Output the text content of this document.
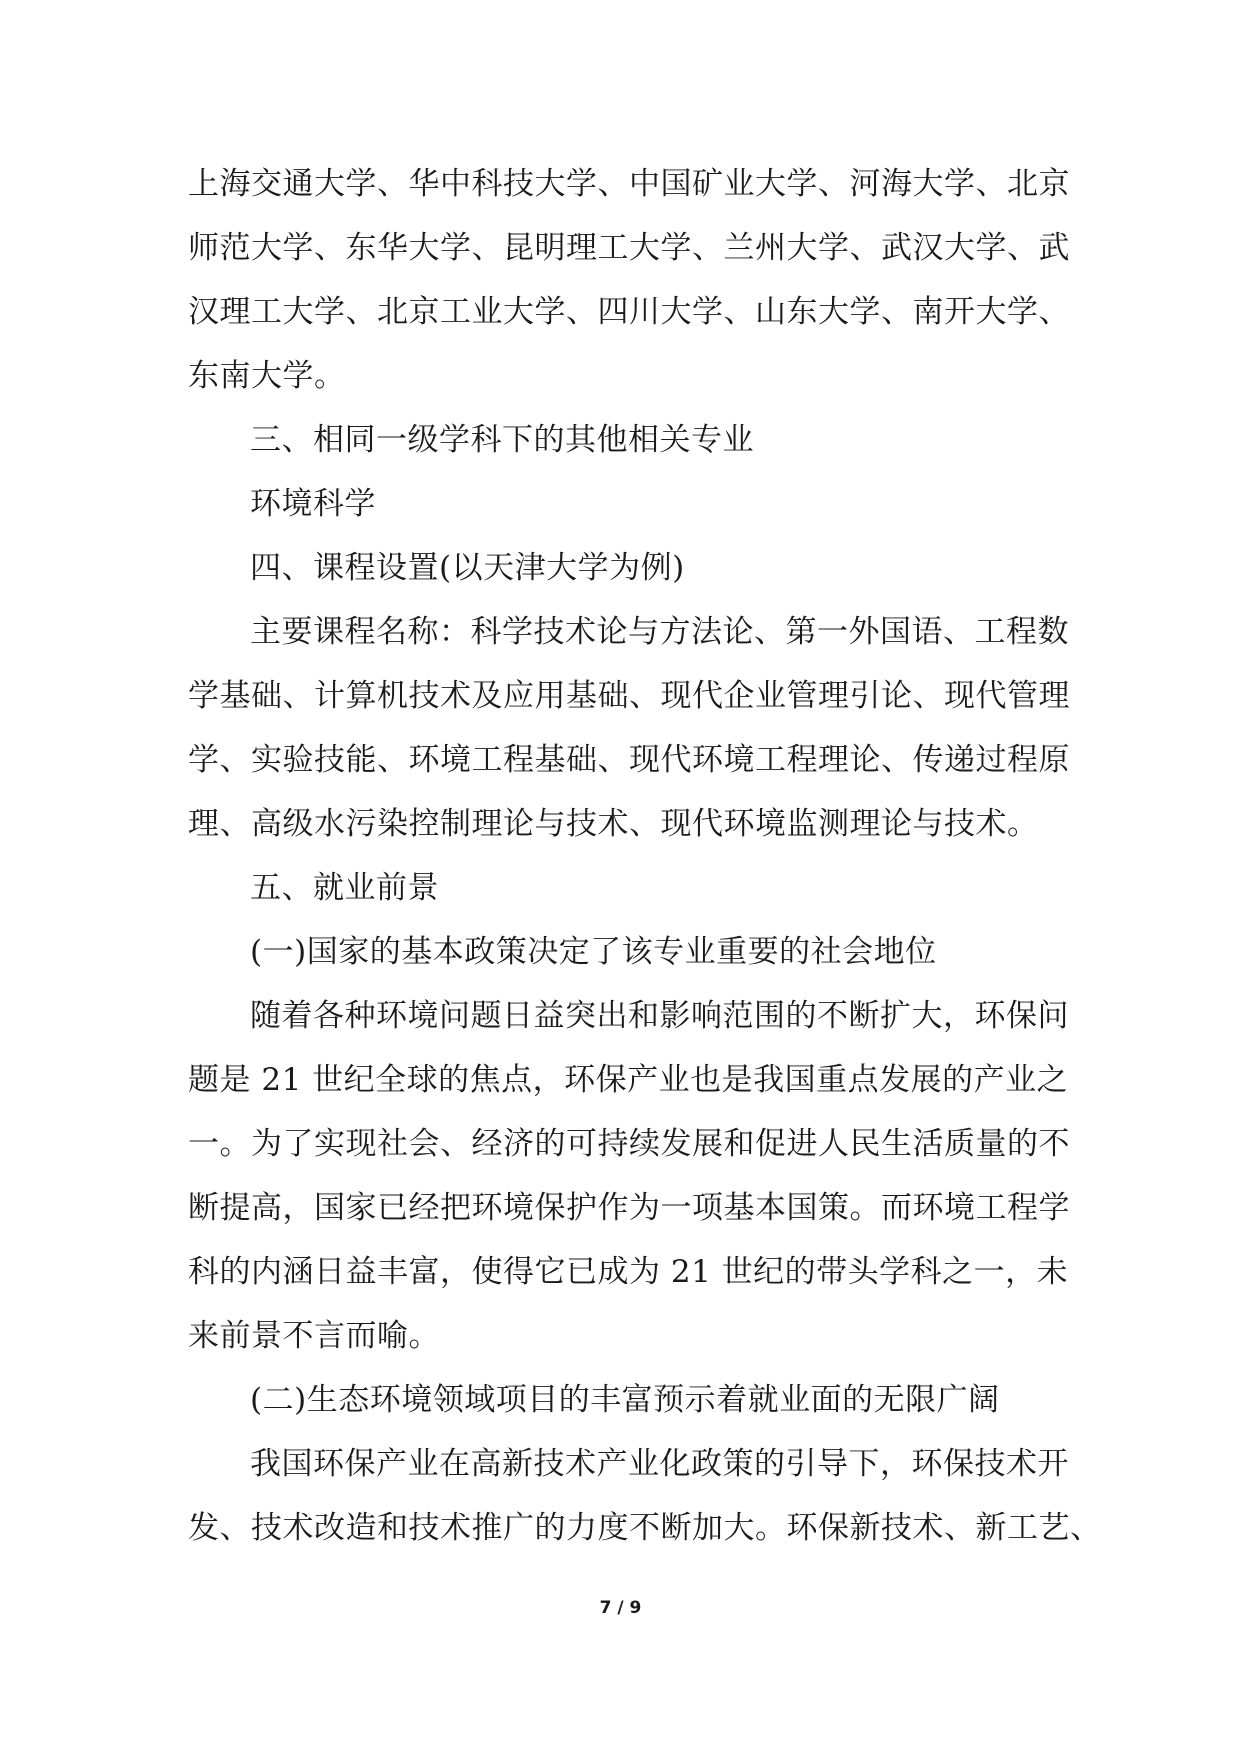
上海交通大学、华中科技大学、中国矿业大学、河海大学、北京
师范大学、东华大学、昆明理工大学、兰州大学、武汉大学、武
汉理工大学、北京工业大学、四川大学、山东大学、南开大学、
东南大学。
三、相同一级学科下的其他相关专业
环境科学
四、课程设置(以天津大学为例)
主要课程名称：科学技术论与方法论、第一外国语、工程数
学基础、计算机技术及应用基础、现代企业管理引论、现代管理
学、实验技能、环境工程基础、现代环境工程理论、传递过程原
理、高级水污染控制理论与技术、现代环境监测理论与技术。
五、就业前景
(一)国家的基本政策决定了该专业重要的社会地位
随着各种环境问题日益突出和影响范围的不断扩大，环保问
题是 21 世纪全球的焦点，环保产业也是我国重点发展的产业之
一。为了实现社会、经济的可持续发展和促进人民生活质量的不
断提高，国家已经把环境保护作为一项基本国策。而环境工程学
科的内涵日益丰富，使得它已成为 21 世纪的带头学科之一，未
来前景不言而喻。
(二)生态环境领域项目的丰富预示着就业面的无限广阔
我国环保产业在高新技术产业化政策的引导下，环保技术开
发、技术改造和技术推广的力度不断加大。环保新技术、新工艺、
7 / 9
